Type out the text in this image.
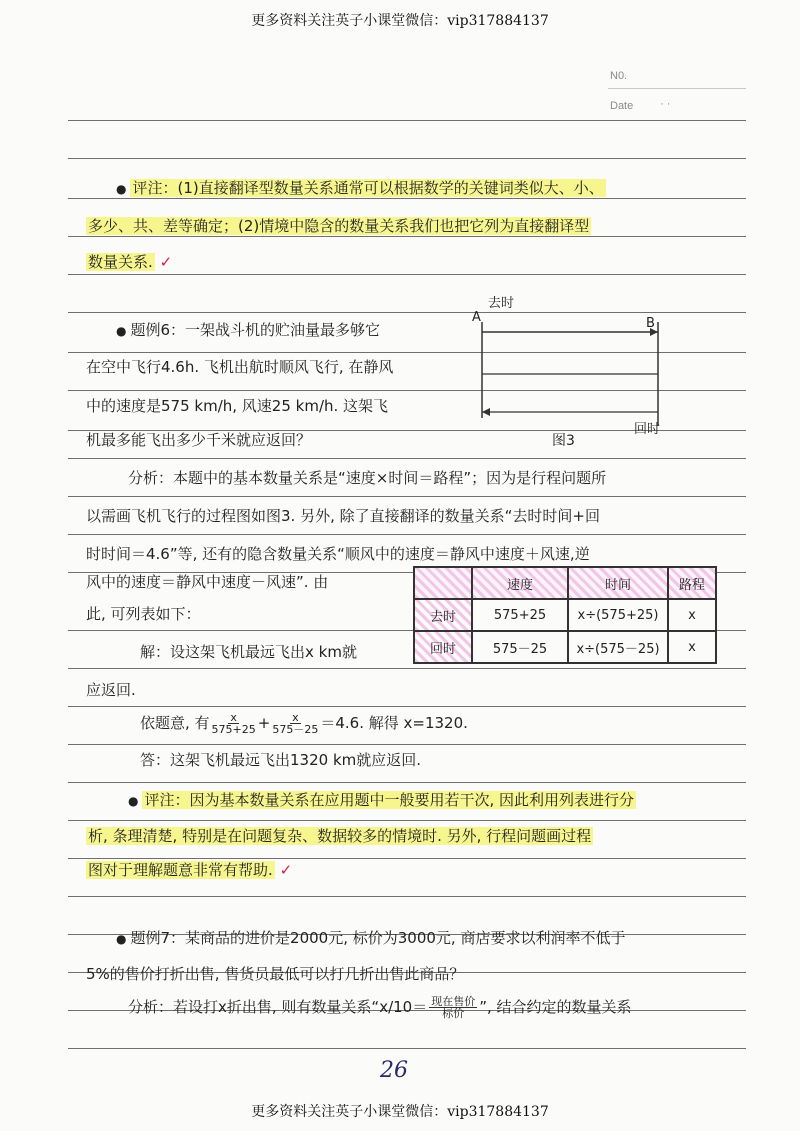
更多资料关注英子小课堂微信：vip317884137
更多资料关注英子小课堂微信：vip317884137
N0.
Date · ·
● 评注：(1)直接翻译型数量关系通常可以根据数学的关键词类似大、小、
多少、共、差等确定；(2)情境中隐含的数量关系我们也把它列为直接翻译型
数量关系. ✓
● 题例6：一架战斗机的贮油量最多够它
在空中飞行4.6h. 飞机出航时顺风飞行, 在静风
中的速度是575 km/h, 风速25 km/h. 这架飞
机最多能飞出多少千米就应返回？
去时
A	B
回时
图3
分析：本题中的基本数量关系是“速度×时间＝路程”；因为是行程问题所
以需画飞机飞行的过程图如图3. 另外, 除了直接翻译的数量关系“去时时间+回
时时间＝4.6”等, 还有的隐含数量关系“顺风中的速度＝静风中速度＋风速,逆
风中的速度＝静风中速度－风速”. 由
此, 可列表如下：
	速度	时间	路程
去时	575+25	x÷(575+25)	x
回时	575－25	x÷(575－25)	x
解：设这架飞机最远飞出x km就
应返回.
依题意, 有 $\frac{x}{575+25} + \frac{x}{575-25} =4.6$. 解得 x=1320.
答：这架飞机最远飞出1320 km就应返回.
● 评注：因为基本数量关系在应用题中一般要用若干次, 因此利用列表进行分
析, 条理清楚, 特别是在问题复杂、数据较多的情境时. 另外, 行程问题画过程
图对于理解题意非常有帮助. ✓
● 题例7：某商品的进价是2000元, 标价为3000元, 商店要求以利润率不低于
5%的售价打折出售, 售货员最低可以打几折出售此商品？
分析：若设打x折出售, 则有数量关系“$x/10= \frac{\text{现在售价}}{\text{标价}}$ ”, 结合约定的数量关系
26
